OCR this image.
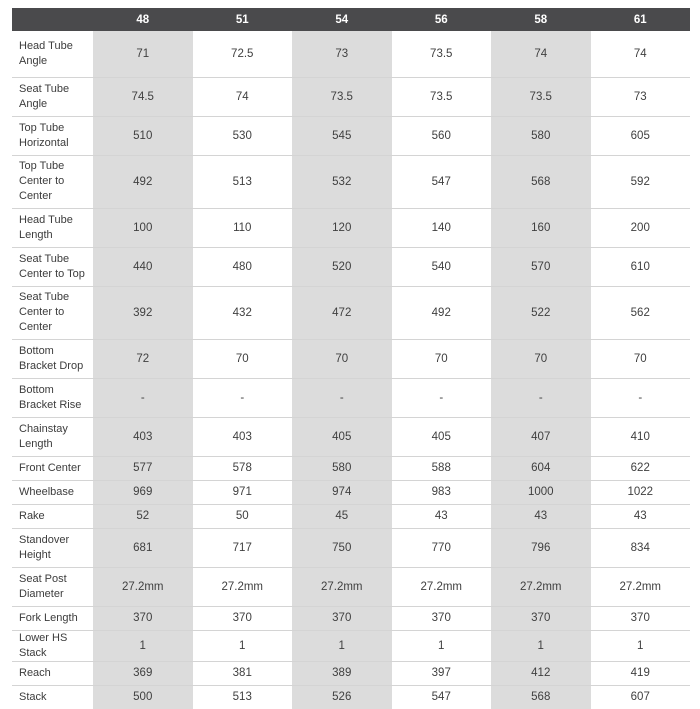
	48	51	54	56	58	61
Head Tube Angle	71	72.5	73	73.5	74	74
Seat Tube Angle	74.5	74	73.5	73.5	73.5	73
Top Tube Horizontal	510	530	545	560	580	605
Top Tube Center to Center	492	513	532	547	568	592
Head Tube Length	100	110	120	140	160	200
Seat Tube Center to Top	440	480	520	540	570	610
Seat Tube Center to Center	392	432	472	492	522	562
Bottom Bracket Drop	72	70	70	70	70	70
Bottom Bracket Rise	-	-	-	-	-	-
Chainstay Length	403	403	405	405	407	410
Front Center	577	578	580	588	604	622
Wheelbase	969	971	974	983	1000	1022
Rake	52	50	45	43	43	43
Standover Height	681	717	750	770	796	834
Seat Post Diameter	27.2mm	27.2mm	27.2mm	27.2mm	27.2mm	27.2mm
Fork Length	370	370	370	370	370	370
Lower HS Stack	1	1	1	1	1	1
Reach	369	381	389	397	412	419
Stack	500	513	526	547	568	607
